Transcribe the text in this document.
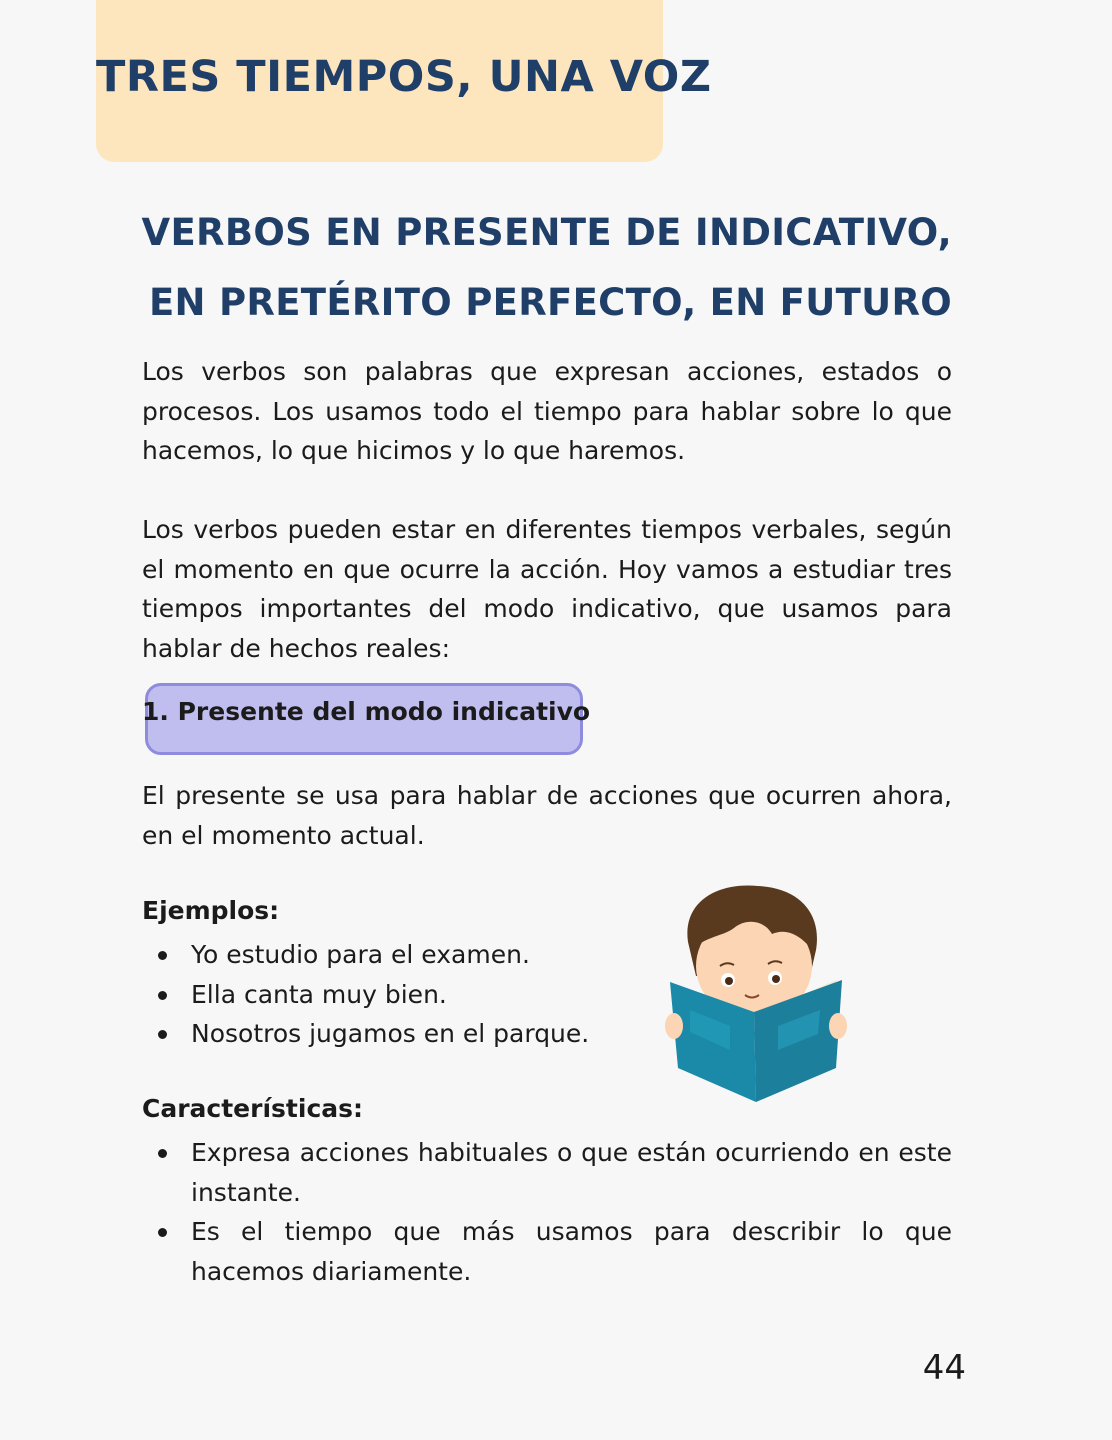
TRES TIEMPOS, UNA VOZ
VERBOS EN PRESENTE DE INDICATIVO,
EN PRETÉRITO PERFECTO, EN FUTURO

Los verbos son palabras que expresan acciones, estados o procesos. Los usamos todo el tiempo para hablar sobre lo que hacemos, lo que hicimos y lo que haremos.

Los verbos pueden estar en diferentes tiempos verbales, según el momento en que ocurre la acción. Hoy vamos a estudiar tres tiempos importantes del modo indicativo, que usamos para hablar de hechos reales:

1. Presente del modo indicativo

El presente se usa para hablar de acciones que ocurren ahora, en el momento actual.

Ejemplos:

Yo estudio para el examen.
Ella canta muy bien.
Nosotros jugamos en el parque.

Características:

Expresa acciones habituales o que están ocurriendo en este instante.
Es el tiempo que más usamos para describir lo que hacemos diariamente.

44
